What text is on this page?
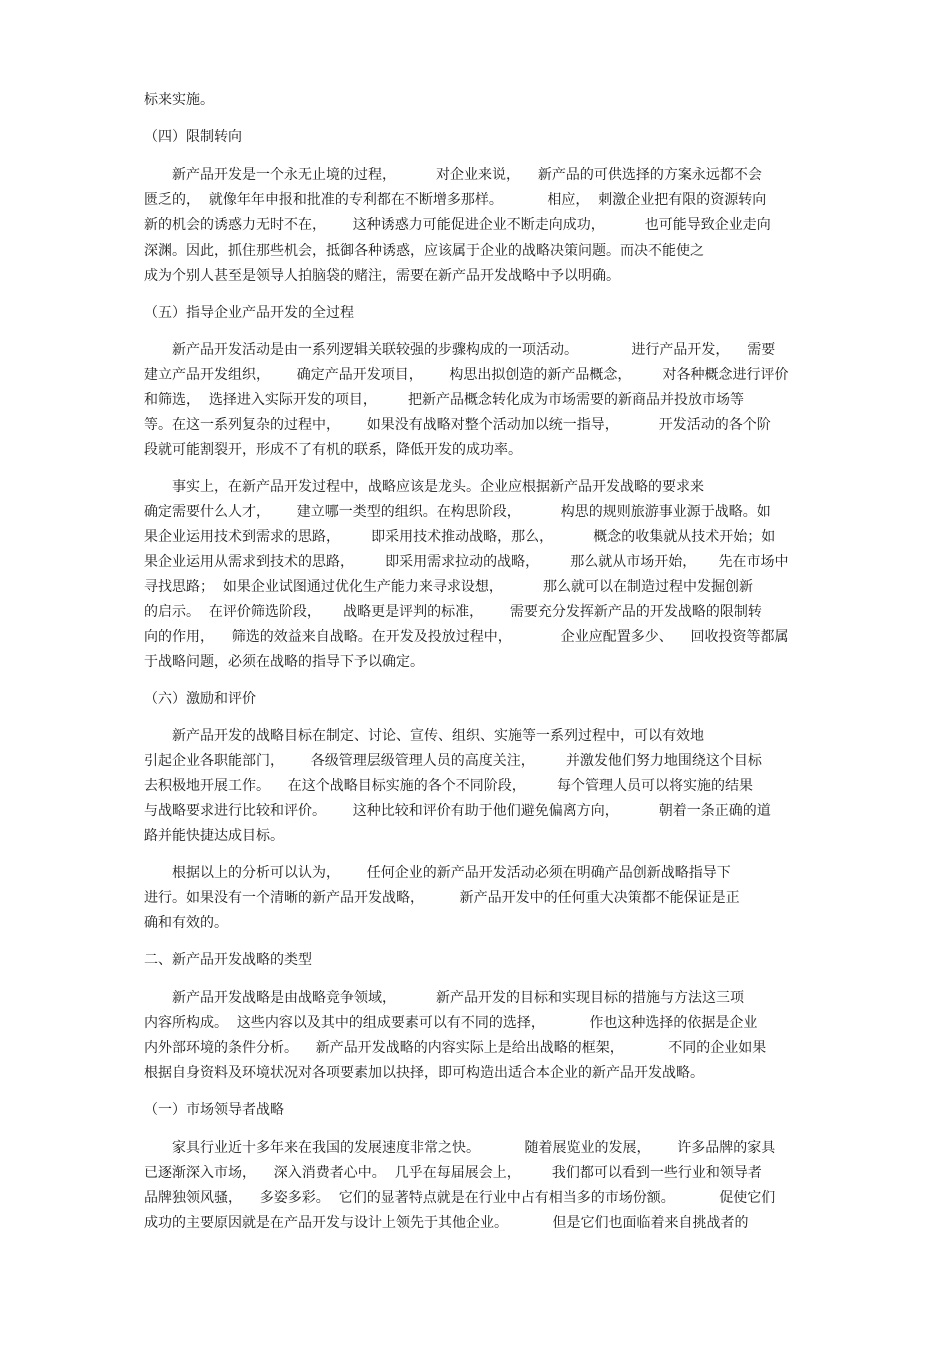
标来实施。

（四）限制转向

新产品开发是一个永无止境的过程，         对企业来说，    新产品的可供选择的方案永远都不会

匮乏的，  就像年年申报和批准的专利都在不断增多那样。          相应，  刺激企业把有限的资源转向

新的机会的诱惑力无时不在，      这种诱惑力可能促进企业不断走向成功，         也可能导致企业走向

深渊。因此，抓住那些机会，抵御各种诱惑，应该属于企业的战略决策问题。而决不能使之

成为个别人甚至是领导人拍脑袋的赌注，需要在新产品开发战略中予以明确。

（五）指导企业产品开发的全过程

新产品开发活动是由一系列逻辑关联较强的步骤构成的一项活动。            进行产品开发，    需要

建立产品开发组织，      确定产品开发项目，      构思出拟创造的新产品概念，       对各种概念进行评价

和筛选，  选择进入实际开发的项目，       把新产品概念转化成为市场需要的新商品并投放市场等

等。在这一系列复杂的过程中，      如果没有战略对整个活动加以统一指导，         开发活动的各个阶

段就可能割裂开，形成不了有机的联系，降低开发的成功率。

事实上，在新产品开发过程中，战略应该是龙头。企业应根据新产品开发战略的要求来

确定需要什么人才，      建立哪一类型的组织。在构思阶段，         构思的规则旅游事业源于战略。如

果企业运用技术到需求的思路，       即采用技术推动战略，那么，         概念的收集就从技术开始；如

果企业运用从需求到技术的思路，       即采用需求拉动的战略，       那么就从市场开始，     先在市场中

寻找思路；  如果企业试图通过优化生产能力来寻求设想，         那么就可以在制造过程中发掘创新

的启示。  在评价筛选阶段，     战略更是评判的标准，      需要充分发挥新产品的开发战略的限制转

向的作用，    筛选的效益来自战略。在开发及投放过程中，           企业应配置多少、    回收投资等都属

于战略问题，必须在战略的指导下予以确定。

（六）激励和评价

新产品开发的战略目标在制定、讨论、宣传、组织、实施等一系列过程中，可以有效地

引起企业各职能部门，      各级管理层级管理人员的高度关注，       并激发他们努力地围绕这个目标

去积极地开展工作。    在这个战略目标实施的各个不同阶段，       每个管理人员可以将实施的结果

与战略要求进行比较和评价。      这种比较和评价有助于他们避免偏离方向，         朝着一条正确的道

路并能快捷达成目标。

根据以上的分析可以认为，      任何企业的新产品开发活动必须在明确产品创新战略指导下

进行。如果没有一个清晰的新产品开发战略，        新产品开发中的任何重大决策都不能保证是正

确和有效的。

二、新产品开发战略的类型

新产品开发战略是由战略竞争领域，         新产品开发的目标和实现目标的措施与方法这三项

内容所构成。  这些内容以及其中的组成要素可以有不同的选择，          作也这种选择的依据是企业

内外部环境的条件分析。    新产品开发战略的内容实际上是给出战略的框架，          不同的企业如果

根据自身资料及环境状况对各项要素加以抉择，即可构造出适合本企业的新产品开发战略。

（一）市场领导者战略

家具行业近十多年来在我国的发展速度非常之快。          随着展览业的发展，      许多品牌的家具

已逐渐深入市场，    深入消费者心中。  几乎在每届展会上，       我们都可以看到一些行业和领导者

品牌独领风骚，    多姿多彩。  它们的显著特点就是在行业中占有相当多的市场份额。          促使它们

成功的主要原因就是在产品开发与设计上领先于其他企业。          但是它们也面临着来自挑战者的
